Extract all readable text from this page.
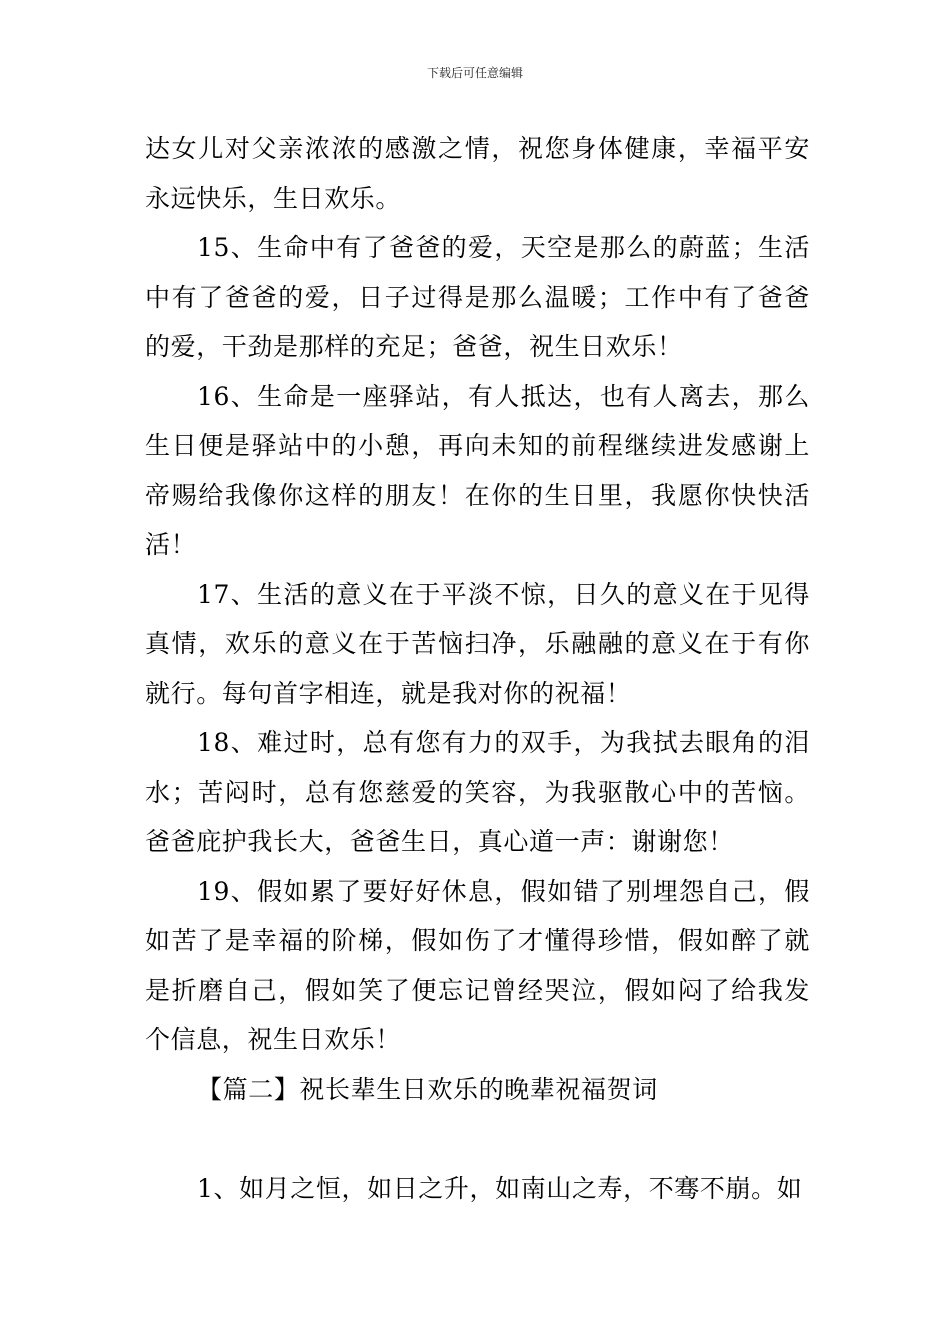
下载后可任意编辑

达女儿对父亲浓浓的感激之情，祝您身体健康，幸福平安永远快乐，生日欢乐。

15、生命中有了爸爸的爱，天空是那么的蔚蓝；生活中有了爸爸的爱，日子过得是那么温暖；工作中有了爸爸的爱，干劲是那样的充足；爸爸，祝生日欢乐！

16、生命是一座驿站，有人抵达，也有人离去，那么生日便是驿站中的小憩，再向未知的前程继续进发感谢上帝赐给我像你这样的朋友！在你的生日里，我愿你快快活活！

17、生活的意义在于平淡不惊，日久的意义在于见得真情，欢乐的意义在于苦恼扫净，乐融融的意义在于有你就行。每句首字相连，就是我对你的祝福！

18、难过时，总有您有力的双手，为我拭去眼角的泪水；苦闷时，总有您慈爱的笑容，为我驱散心中的苦恼。爸爸庇护我长大，爸爸生日，真心道一声：谢谢您！

19、假如累了要好好休息，假如错了别埋怨自己，假如苦了是幸福的阶梯，假如伤了才懂得珍惜，假如醉了就是折磨自己，假如笑了便忘记曾经哭泣，假如闷了给我发个信息，祝生日欢乐！

【篇二】祝长辈生日欢乐的晚辈祝福贺词

1、如月之恒，如日之升，如南山之寿，不骞不崩。如
